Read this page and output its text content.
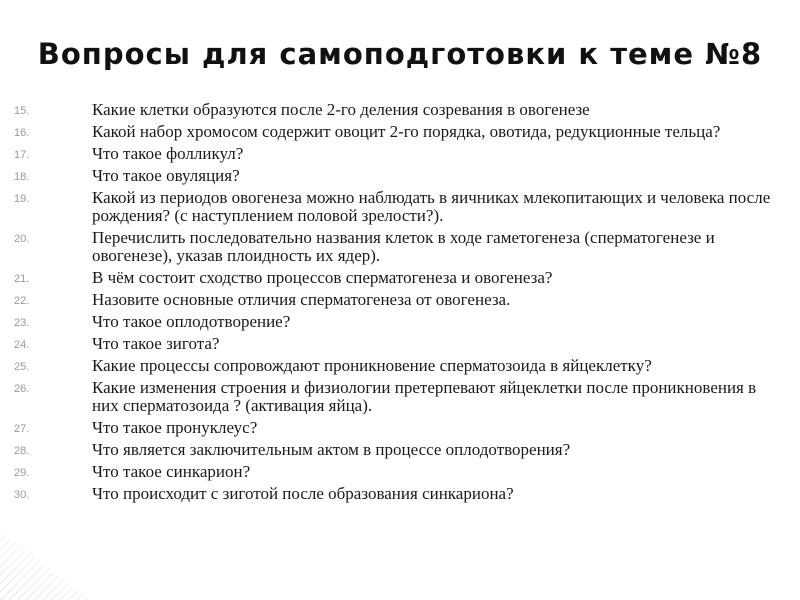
Вопросы для самоподготовки к теме №8
15.	Какие клетки образуются после 2-го деления созревания в овогенезе
16.	Какой набор хромосом содержит овоцит 2-го порядка, овотида, редукционные тельца?
17.	Что такое фолликул?
18.	Что такое овуляция?
19.	Какой из периодов овогенеза можно наблюдать в яичниках млекопитающих и человека после рождения? (с наступлением половой зрелости?).
20.	Перечислить последовательно названия клеток в ходе гаметогенеза (сперматогенезе и овогенезе), указав плоидность их ядер).
21.	В чём состоит сходство процессов сперматогенеза и овогенеза?
22.	Назовите основные отличия сперматогенеза от овогенеза.
23.	Что такое оплодотворение?
24.	Что такое зигота?
25.	Какие процессы сопровождают проникновение сперматозоида в яйцеклетку?
26.	Какие изменения строения и физиологии претерпевают яйцеклетки после проникновения в них сперматозоида ? (активация яйца).
27.	Что такое пронуклеус?
28.	Что является заключительным актом в процессе оплодотворения?
29.	Что такое синкарион?
30.	Что происходит с зиготой после образования синкариона?
